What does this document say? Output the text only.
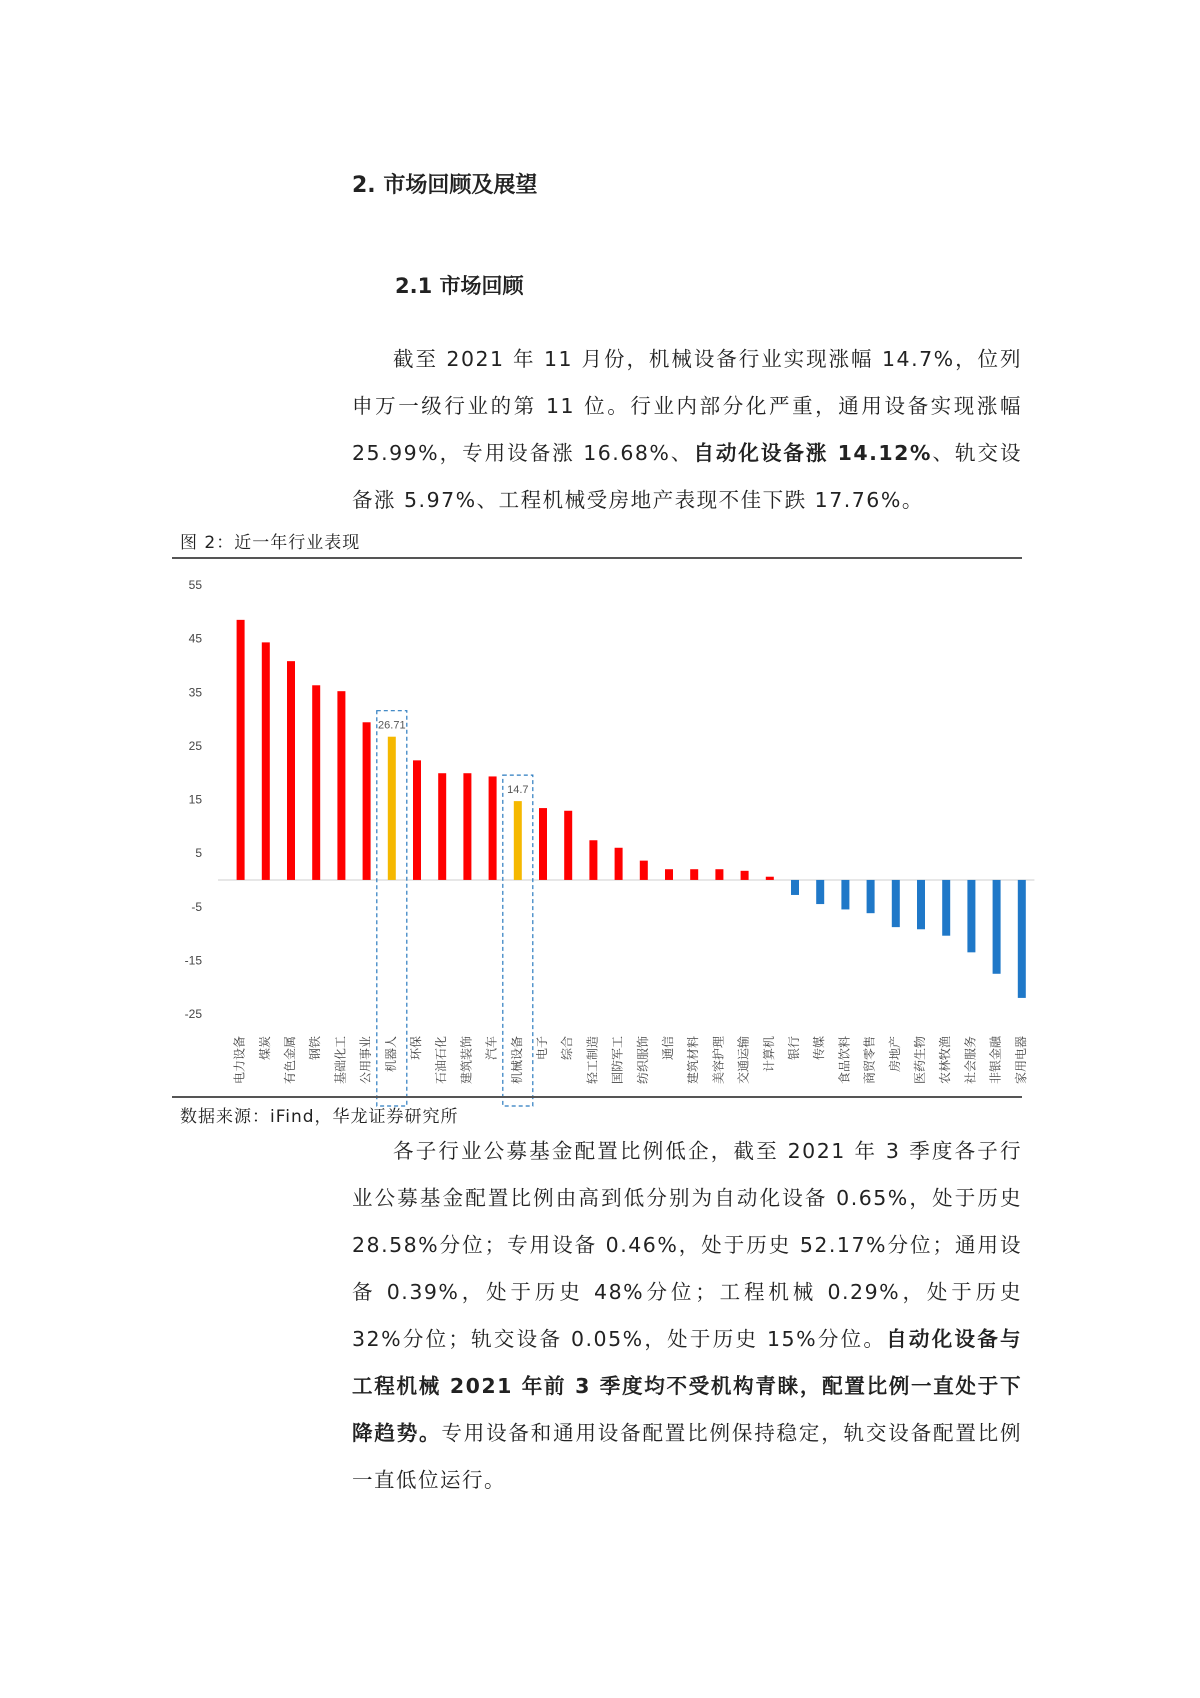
2. 市场回顾及展望
2.1 市场回顾

截至 2021 年 11 月份，机械设备行业实现涨幅 14.7%，位列申万一级行业的第 11 位。行业内部分化严重，通用设备实现涨幅 25.99%，专用设备涨 16.68%、自动化设备涨 14.12%、轨交设备涨 5.97%、工程机械受房地产表现不佳下跌 17.76%。

图 2：近一年行业表现
55
45
35
25
15
5
-5
-15
-25
电力设备 煤炭 有色金属 钢铁 基础化工 公用事业 机器人 环保 石油石化 建筑装饰 汽车 机械设备 电子 综合 轻工制造 国防军工 纺织服饰 通信 建筑材料 美容护理 交通运输 计算机 银行 传媒 食品饮料 商贸零售 房地产 医药生物 农林牧渔 社会服务 非银金融 家用电器
26.71
14.7
数据来源：iFind，华龙证券研究所

各子行业公募基金配置比例低企，截至 2021 年 3 季度各子行业公募基金配置比例由高到低分别为自动化设备 0.65%，处于历史 28.58%分位；专用设备 0.46%，处于历史 52.17%分位；通用设备 0.39%，处于历史 48%分位；工程机械 0.29%，处于历史 32%分位；轨交设备 0.05%，处于历史 15%分位。自动化设备与工程机械 2021 年前 3 季度均不受机构青睐，配置比例一直处于下降趋势。专用设备和通用设备配置比例保持稳定，轨交设备配置比例一直低位运行。
